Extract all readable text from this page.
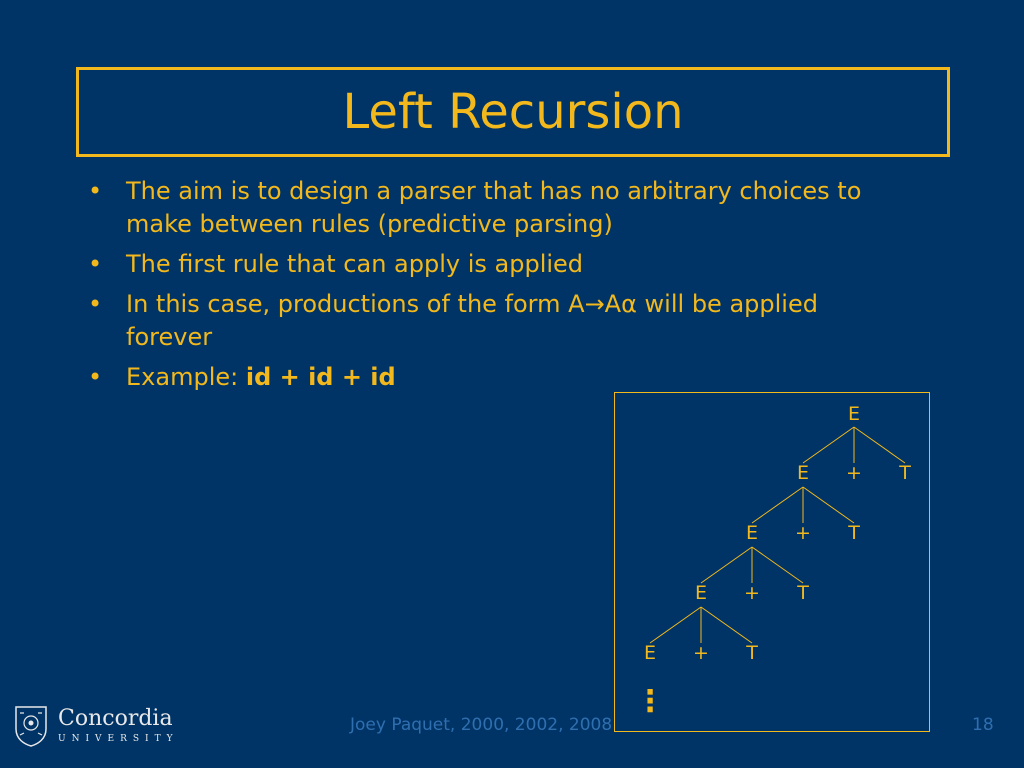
Left Recursion
• The aim is to design a parser that has no arbitrary choices to make between rules (predictive parsing)
• The first rule that can apply is applied
• In this case, productions of the form A→Aα will be applied forever
• Example: id + id + id
E
E + T
E + T
E + T
E + T
⋮
Concordia
UNIVERSITY
Joey Paquet, 2000, 2002, 2008	18
